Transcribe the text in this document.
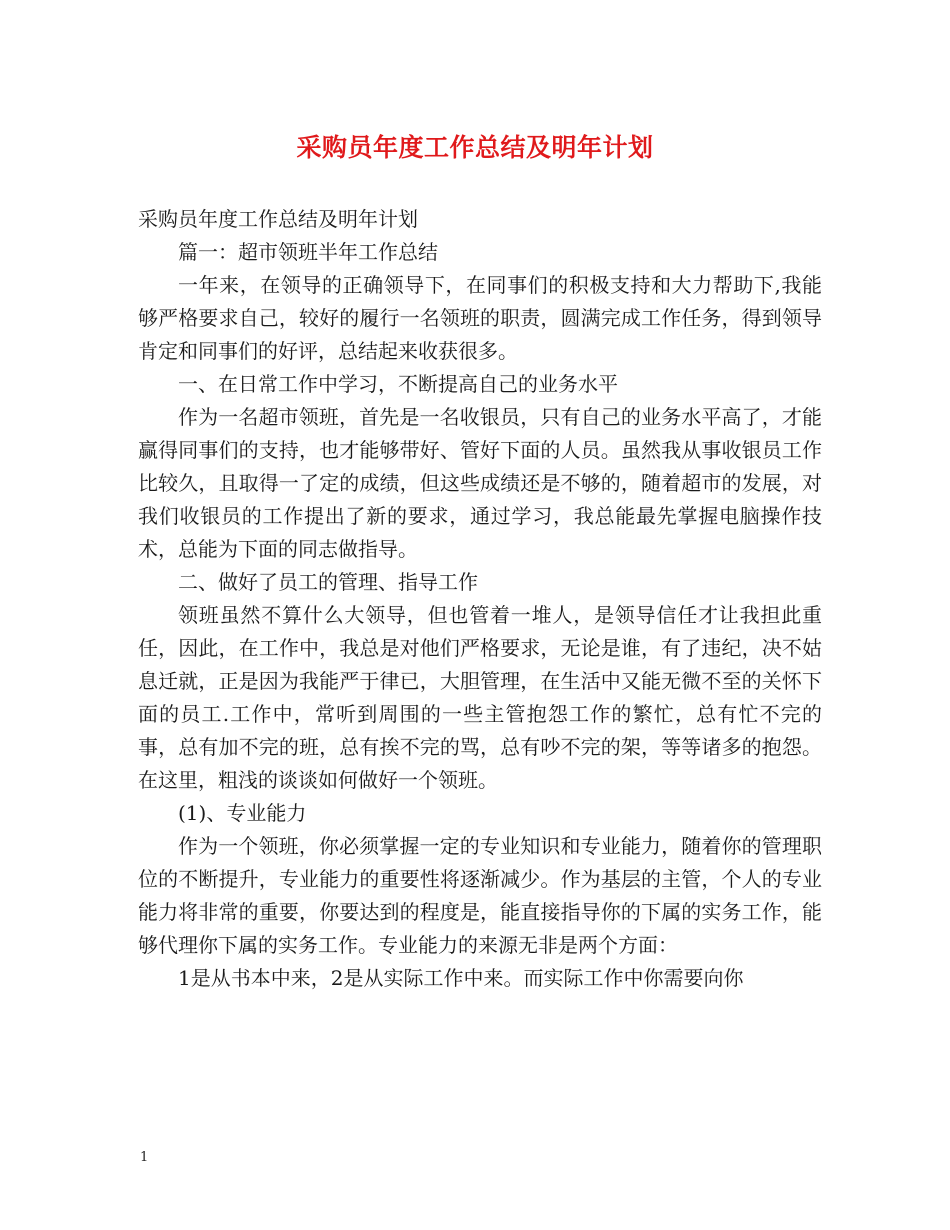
采购员年度工作总结及明年计划

采购员年度工作总结及明年计划

篇一：超市领班半年工作总结

一年来，在领导的正确领导下，在同事们的积极支持和大力帮助下,我能够严格要求自己，较好的履行一名领班的职责，圆满完成工作任务，得到领导肯定和同事们的好评，总结起来收获很多。

一、在日常工作中学习，不断提高自己的业务水平

作为一名超市领班，首先是一名收银员，只有自己的业务水平高了，才能赢得同事们的支持，也才能够带好、管好下面的人员。虽然我从事收银员工作比较久，且取得一了定的成绩，但这些成绩还是不够的，随着超市的发展，对我们收银员的工作提出了新的要求，通过学习，我总能最先掌握电脑操作技术，总能为下面的同志做指导。

二、做好了员工的管理、指导工作

领班虽然不算什么大领导，但也管着一堆人，是领导信任才让我担此重任，因此，在工作中，我总是对他们严格要求，无论是谁，有了违纪，决不姑息迁就，正是因为我能严于律已，大胆管理，在生活中又能无微不至的关怀下面的员工.工作中，常听到周围的一些主管抱怨工作的繁忙，总有忙不完的事，总有加不完的班，总有挨不完的骂，总有吵不完的架，等等诸多的抱怨。在这里，粗浅的谈谈如何做好一个领班。

(1)、专业能力

作为一个领班，你必须掌握一定的专业知识和专业能力，随着你的管理职位的不断提升，专业能力的重要性将逐渐减少。作为基层的主管，个人的专业能力将非常的重要，你要达到的程度是，能直接指导你的下属的实务工作，能够代理你下属的实务工作。专业能力的来源无非是两个方面：

1是从书本中来，2是从实际工作中来。而实际工作中你需要向你

1
